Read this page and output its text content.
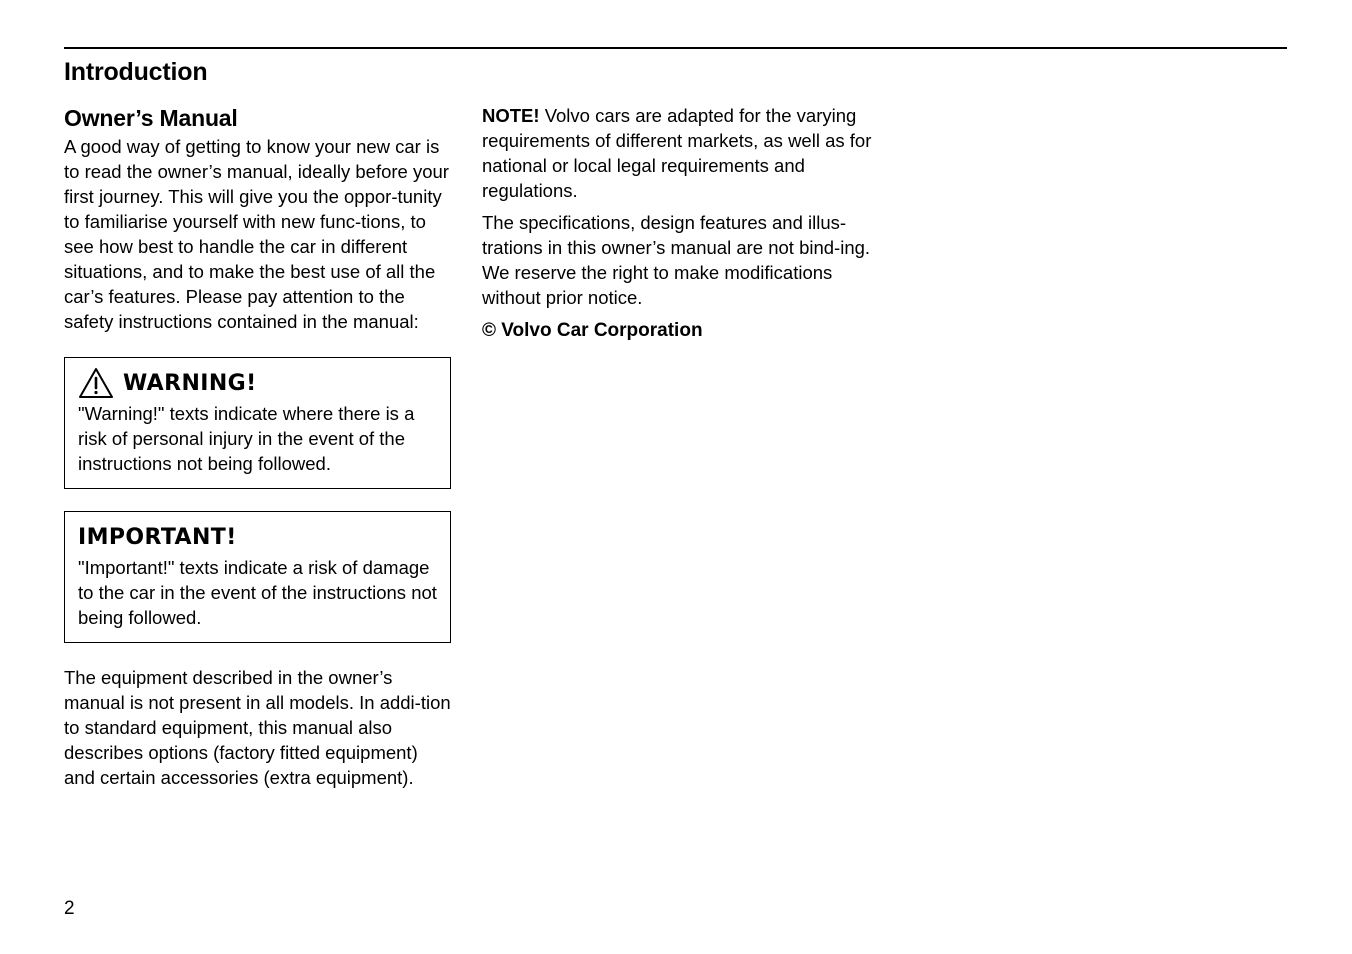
Introduction
Owner’s Manual

A good way of getting to know your new car is to read the owner’s manual, ideally before your first journey. This will give you the oppor-tunity to familiarise yourself with new func-tions, to see how best to handle the car in different situations, and to make the best use of all the car’s features. Please pay attention to the safety instructions contained in the manual:

WARNING!

"Warning!" texts indicate where there is a risk of personal injury in the event of the instructions not being followed.

IMPORTANT!

"Important!" texts indicate a risk of damage to the car in the event of the instructions not being followed.

The equipment described in the owner’s manual is not present in all models. In addi-tion to standard equipment, this manual also describes options (factory fitted equipment) and certain accessories (extra equipment).

NOTE! Volvo cars are adapted for the varying requirements of different markets, as well as for national or local legal requirements and regulations.

The specifications, design features and illus-trations in this owner’s manual are not bind-ing. We reserve the right to make modifications without prior notice.

© Volvo Car Corporation
2
